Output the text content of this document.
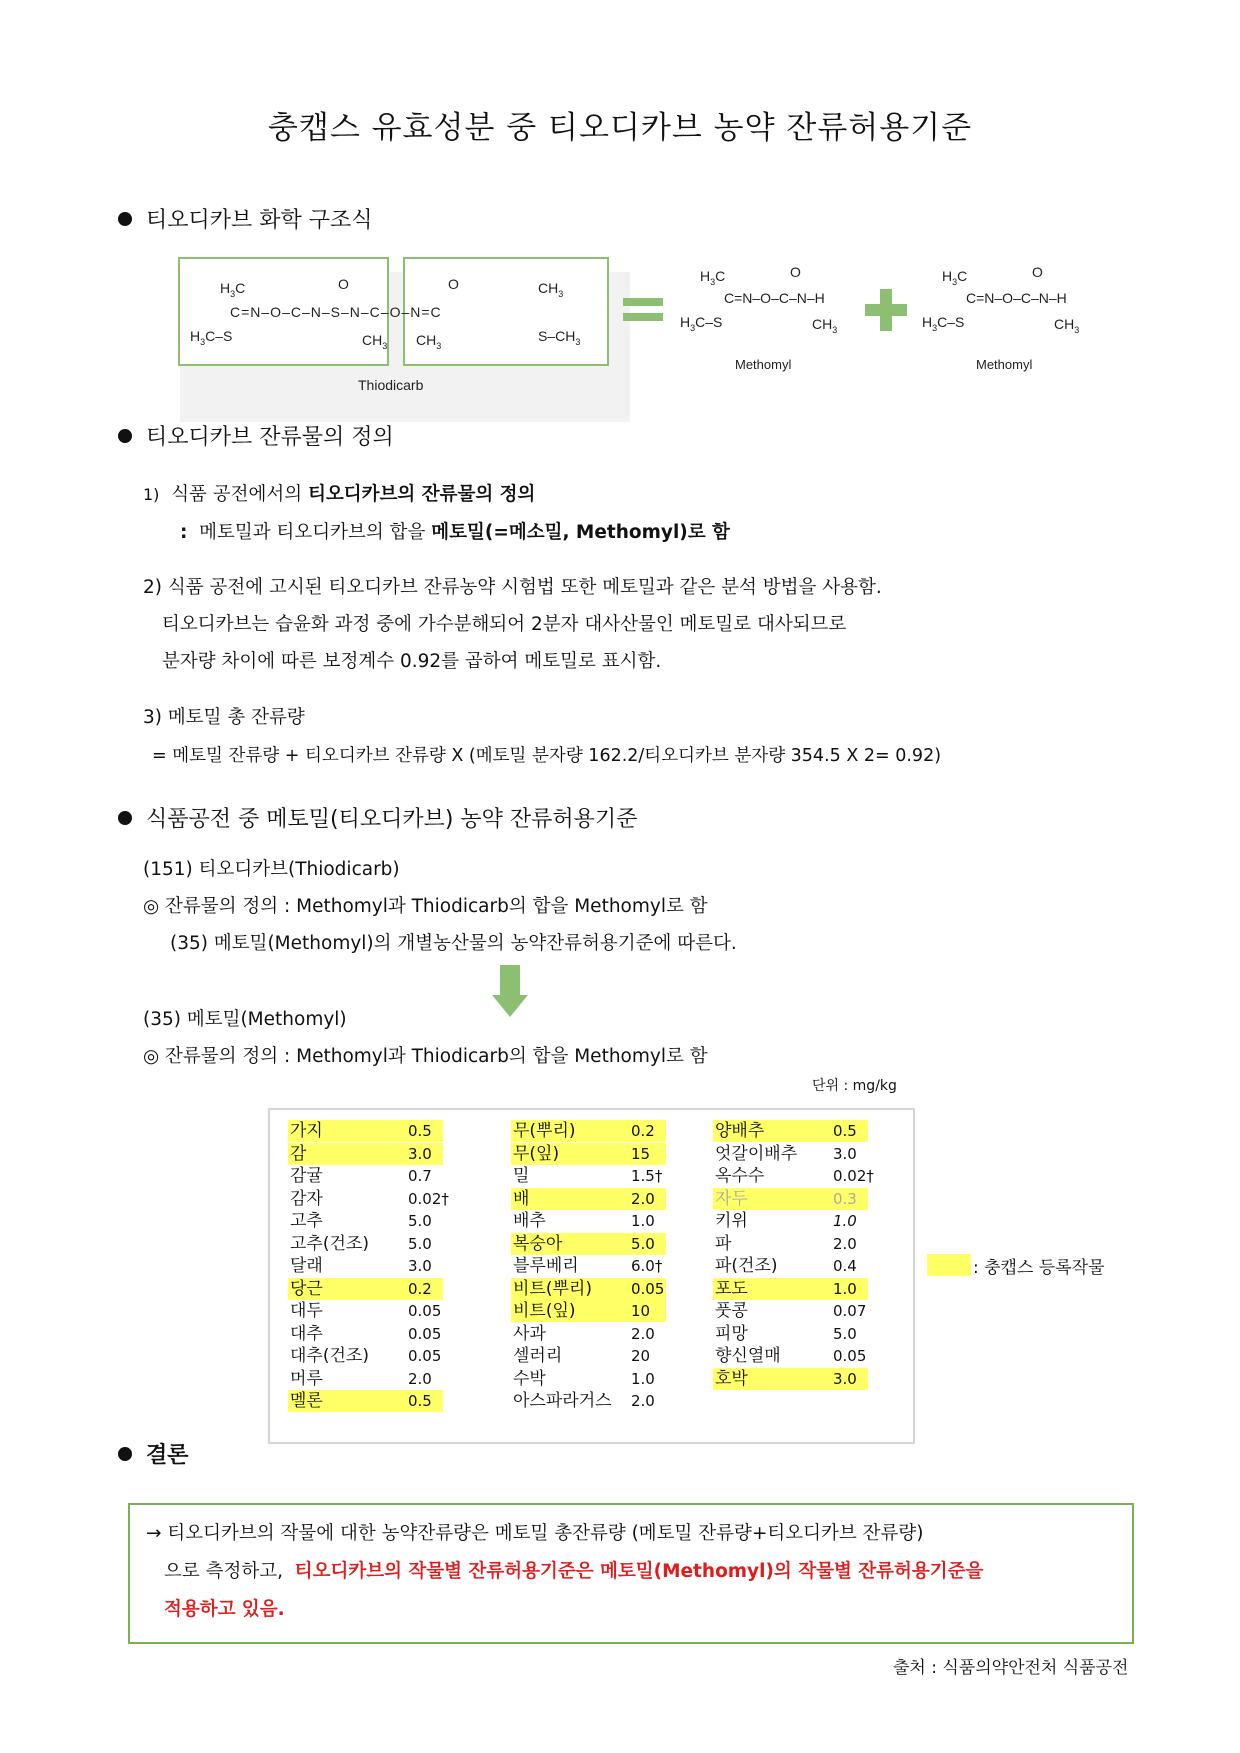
충캡스 유효성분 중 티오디카브 농약 잔류허용기준
티오디카브 화학 구조식
$H_3C$	O	O	$CH_3$
C=N–O–C–N–S–N–C–O–N=C
$H_3C-S$	$CH_3$ $CH_3$
$S-CH_3$
Thiodicarb
$H_3C$	O
C=N–O–C–N–H
$H_3C-S$	$CH_3$
Methomyl
$H_3C$	O
C=N–O–C–N–H
$H_3C-S$	$CH_3$
Methomyl
티오디카브 잔류물의 정의
1) 식품 공전에서의 티오디카브의 잔류물의 정의
: 메토밀과 티오디카브의 합을 메토밀(=메소밀, Methomyl)로 함
2) 식품 공전에 고시된 티오디카브 잔류농약 시험법 또한 메토밀과 같은 분석 방법을 사용함.
티오디카브는 습윤화 과정 중에 가수분해되어 2분자 대사산물인 메토밀로 대사되므로
분자량 차이에 따른 보정계수 0.92를 곱하여 메토밀로 표시함.
3) 메토밀 총 잔류량
= 메토밀 잔류량 + 티오디카브 잔류량 X (메토밀 분자량 162.2/티오디카브 분자량 354.5 X 2= 0.92)
식품공전 중 메토밀(티오디카브) 농약 잔류허용기준
(151) 티오디카브(Thiodicarb)
◎ 잔류물의 정의 : Methomyl과 Thiodicarb의 합을 Methomyl로 함
(35) 메토밀(Methomyl)의 개별농산물의 농약잔류허용기준에 따른다.
(35) 메토밀(Methomyl)
◎ 잔류물의 정의 : Methomyl과 Thiodicarb의 합을 Methomyl로 함
단위 : mg/kg
가지	0.5
감	3.0
감귤	0.7
감자	0.02†
고추	5.0
고추(건조)	5.0
달래	3.0
당근	0.2
대두	0.05
대추	0.05
대추(건조)	0.05
머루	2.0
멜론	0.5
무(뿌리)	0.2
무(잎)	15
밀	1.5†
배	2.0
배추	1.0
복숭아	5.0
블루베리	6.0†
비트(뿌리)	0.05
비트(잎)	10
사과	2.0
셀러리	20
수박	1.0
아스파라거스 2.0
양배추	0.5
엇갈이배추 3.0
옥수수	0.02†
자두	0.3
키위	1.0
파	2.0
파(건조)	0.4
포도	1.0
풋콩	0.07
피망	5.0
향신열매	0.05
호박	3.0
: 충캡스 등록작물
결론
→ 티오디카브의 작물에 대한 농약잔류량은 메토밀 총잔류량 (메토밀 잔류량+티오디카브 잔류량)
으로 측정하고, 티오디카브의 작물별 잔류허용기준은 메토밀(Methomyl)의 작물별 잔류허용기준을
적용하고 있음.
출처 : 식품의약안전처 식품공전
